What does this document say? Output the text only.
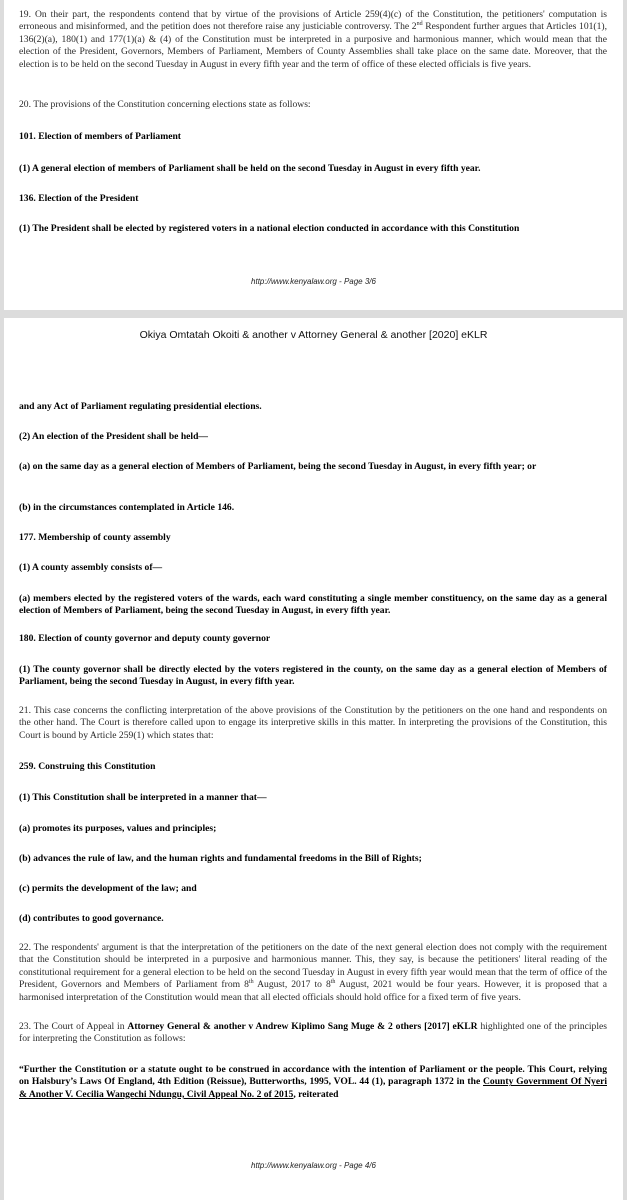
19. On their part, the respondents contend that by virtue of the provisions of Article 259(4)(c) of the Constitution, the petitioners' computation is erroneous and misinformed, and the petition does not therefore raise any justiciable controversy. The 2nd Respondent further argues that Articles 101(1), 136(2)(a), 180(1) and 177(1)(a) & (4) of the Constitution must be interpreted in a purposive and harmonious manner, which would mean that the election of the President, Governors, Members of Parliament, Members of County Assemblies shall take place on the same date. Moreover, that the election is to be held on the second Tuesday in August in every fifth year and the term of office of these elected officials is five years.

20. The provisions of the Constitution concerning elections state as follows:

101. Election of members of Parliament

(1) A general election of members of Parliament shall be held on the second Tuesday in August in every fifth year.

136. Election of the President

(1) The President shall be elected by registered voters in a national election conducted in accordance with this Constitution

http://www.kenyalaw.org - Page 3/6
Okiya Omtatah Okoiti & another v Attorney General & another [2020] eKLR

and any Act of Parliament regulating presidential elections.

(2) An election of the President shall be held—

(a) on the same day as a general election of Members of Parliament, being the second Tuesday in August, in every fifth year; or

(b) in the circumstances contemplated in Article 146.

177. Membership of county assembly

(1) A county assembly consists of—

(a) members elected by the registered voters of the wards, each ward constituting a single member constituency, on the same day as a general election of Members of Parliament, being the second Tuesday in August, in every fifth year.

180. Election of county governor and deputy county governor

(1) The county governor shall be directly elected by the voters registered in the county, on the same day as a general election of Members of Parliament, being the second Tuesday in August, in every fifth year.

21. This case concerns the conflicting interpretation of the above provisions of the Constitution by the petitioners on the one hand and respondents on the other hand. The Court is therefore called upon to engage its interpretive skills in this matter. In interpreting the provisions of the Constitution, this Court is bound by Article 259(1) which states that:

259. Construing this Constitution

(1) This Constitution shall be interpreted in a manner that—

(a) promotes its purposes, values and principles;

(b) advances the rule of law, and the human rights and fundamental freedoms in the Bill of Rights;

(c) permits the development of the law; and

(d) contributes to good governance.

22. The respondents' argument is that the interpretation of the petitioners on the date of the next general election does not comply with the requirement that the Constitution should be interpreted in a purposive and harmonious manner. This, they say, is because the petitioners' literal reading of the constitutional requirement for a general election to be held on the second Tuesday in August in every fifth year would mean that the term of office of the President, Governors and Members of Parliament from 8th August, 2017 to 8th August, 2021 would be four years. However, it is proposed that a harmonised interpretation of the Constitution would mean that all elected officials should hold office for a fixed term of five years.

23. The Court of Appeal in Attorney General & another v Andrew Kiplimo Sang Muge & 2 others [2017] eKLR highlighted one of the principles for interpreting the Constitution as follows:

“Further the Constitution or a statute ought to be construed in accordance with the intention of Parliament or the people. This Court, relying on Halsbury’s Laws Of England, 4th Edition (Reissue), Butterworths, 1995, VOL. 44 (1), paragraph 1372 in the County Government Of Nyeri & Another V. Cecilia Wangechi Ndungu, Civil Appeal No. 2 of 2015, reiterated

http://www.kenyalaw.org - Page 4/6
